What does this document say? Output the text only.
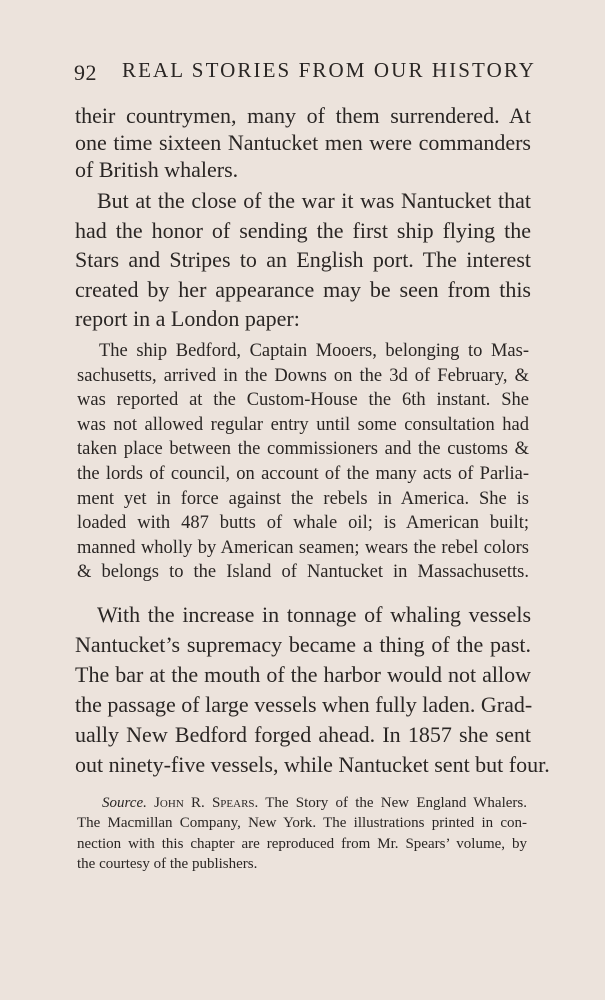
92 REAL STORIES FROM OUR HISTORY
their countrymen, many of them surrendered. At
one time sixteen Nantucket men were commanders
of British whalers.
But at the close of the war it was Nantucket that
had the honor of sending the first ship flying the
Stars and Stripes to an English port. The interest
created by her appearance may be seen from this
report in a London paper:
The ship Bedford, Captain Mooers, belonging to Mas-
sachusetts, arrived in the Downs on the 3d of February, &
was reported at the Custom-House the 6th instant. She
was not allowed regular entry until some consultation had
taken place between the commissioners and the customs &
the lords of council, on account of the many acts of Parlia-
ment yet in force against the rebels in America. She is
loaded with 487 butts of whale oil; is American built;
manned wholly by American seamen; wears the rebel colors
& belongs to the Island of Nantucket in Massachusetts.
With the increase in tonnage of whaling vessels
Nantucket’s supremacy became a thing of the past.
The bar at the mouth of the harbor would not allow
the passage of large vessels when fully laden. Grad-
ually New Bedford forged ahead. In 1857 she sent
out ninety-five vessels, while Nantucket sent but four.
Source. John R. Spears. The Story of the New England Whalers.
The Macmillan Company, New York. The illustrations printed in con-
nection with this chapter are reproduced from Mr. Spears’ volume, by
the courtesy of the publishers.
